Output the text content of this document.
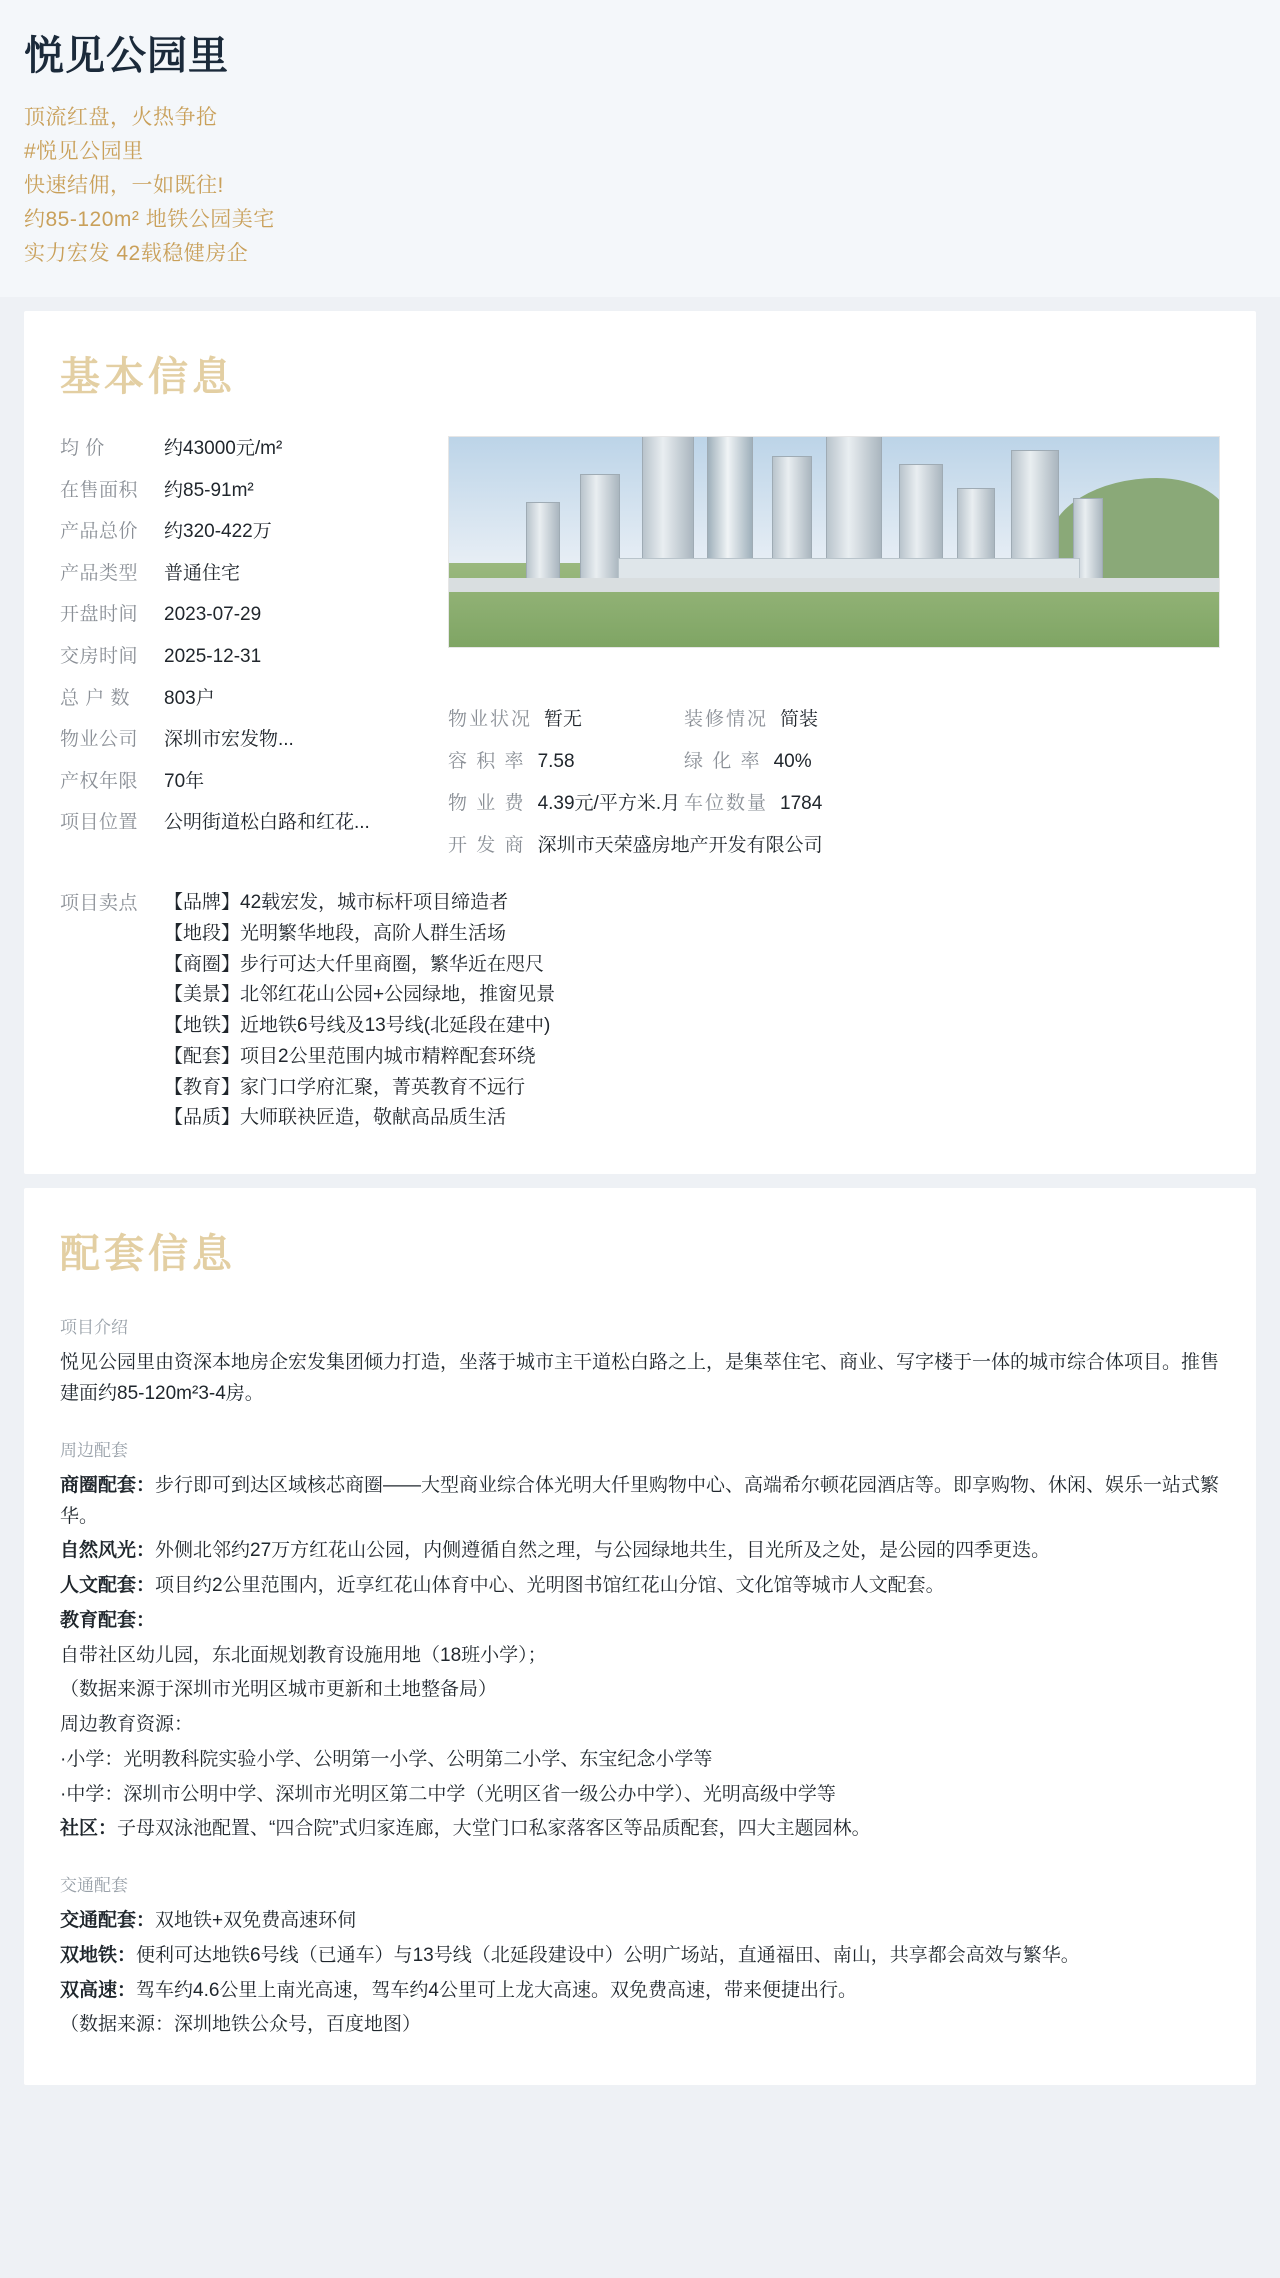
悦见公园里
顶流红盘，火热争抢
#悦见公园里
快速结佣，一如既往!
约85-120m² 地铁公园美宅
实力宏发 42载稳健房企
基本信息
均 价	约43000元/m²
在售面积	约85-91m²
产品总价	约320-422万
产品类型	普通住宅
开盘时间	2023-07-29
交房时间	2025-12-31
总 户 数	803户
物业公司	深圳市宏发物...
产权年限	70年
项目位置	公明街道松白路和红花...
物业状况 暂无	装修情况 简装
容 积 率 7.58	绿 化 率 40%
物 业 费 4.39元/平方米.月 车位数量 1784
开 发 商 深圳市天荣盛房地产开发有限公司
项目卖点	【品牌】42载宏发，城市标杆项目缔造者
【地段】光明繁华地段，高阶人群生活场
【商圈】步行可达大仟里商圈，繁华近在咫尺
【美景】北邻红花山公园+公园绿地，推窗见景
【地铁】近地铁6号线及13号线(北延段在建中)
【配套】项目2公里范围内城市精粹配套环绕
【教育】家门口学府汇聚，菁英教育不远行
【品质】大师联袂匠造，敬献高品质生活
配套信息
项目介绍

悦见公园里由资深本地房企宏发集团倾力打造，坐落于城市主干道松白路之上，是集萃住宅、商业、写字楼于一体的城市综合体项目。推售建面约85-120m²3-4房。

周边配套

商圈配套：步行即可到达区域核芯商圈——大型商业综合体光明大仟里购物中心、高端希尔顿花园酒店等。即享购物、休闲、娱乐一站式繁华。

自然风光：外侧北邻约27万方红花山公园，内侧遵循自然之理，与公园绿地共生，目光所及之处，是公园的四季更迭。

人文配套：项目约2公里范围内，近享红花山体育中心、光明图书馆红花山分馆、文化馆等城市人文配套。

教育配套：

自带社区幼儿园，东北面规划教育设施用地（18班小学）；

（数据来源于深圳市光明区城市更新和土地整备局）

周边教育资源：

·小学：光明教科院实验小学、公明第一小学、公明第二小学、东宝纪念小学等

·中学：深圳市公明中学、深圳市光明区第二中学（光明区省一级公办中学）、光明高级中学等

社区：子母双泳池配置、“四合院”式归家连廊，大堂门口私家落客区等品质配套，四大主题园林。

交通配套

交通配套：双地铁+双免费高速环伺

双地铁：便利可达地铁6号线（已通车）与13号线（北延段建设中）公明广场站，直通福田、南山，共享都会高效与繁华。

双高速：驾车约4.6公里上南光高速，驾车约4公里可上龙大高速。双免费高速，带来便捷出行。

（数据来源：深圳地铁公众号，百度地图）
